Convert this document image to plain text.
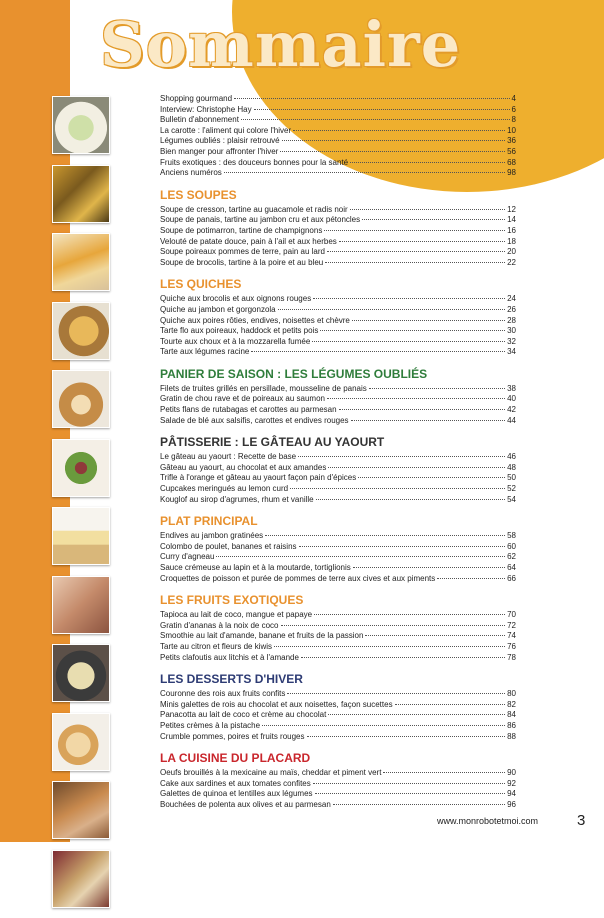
Sommaire
Shopping gourmand	4
Interview: Christophe Hay	6
Bulletin d'abonnement	8
La carotte : l'aliment qui colore l'hiver	10
Légumes oubliés : plaisir retrouvé	36
Bien manger pour affronter l'hiver	56
Fruits exotiques : des douceurs bonnes pour la santé	68
Anciens numéros	98
LES SOUPES
Soupe de cresson, tartine au guacamole et radis noir	12
Soupe de panais, tartine au jambon cru et aux pétoncles	14
Soupe de potimarron, tartine de champignons	16
Velouté de patate douce, pain à l'ail et aux herbes	18
Soupe poireaux pommes de terre, pain au lard	20
Soupe de brocolis, tartine à la poire et au bleu	22
LES QUICHES
Quiche aux brocolis et aux oignons rouges	24
Quiche au jambon et gorgonzola	26
Quiche aux poires rôties, endives, noisettes et chèvre	28
Tarte flo aux poireaux, haddock et petits pois	30
Tourte aux choux et à la mozzarella fumée	32
Tarte aux légumes racine	34
PANIER DE SAISON : LES LÉGUMES OUBLIÉS
Filets de truites grillés en persillade, mousseline de panais	38
Gratin de chou rave et de poireaux au saumon	40
Petits flans de rutabagas et carottes au parmesan	42
Salade de blé aux salsifis, carottes et endives rouges	44
PÂTISSERIE : LE GÂTEAU AU YAOURT
Le gâteau au yaourt : Recette de base	46
Gâteau au yaourt, au chocolat et aux amandes	48
Trifle à l'orange et gâteau au yaourt façon pain d'épices	50
Cupcakes meringués au lemon curd	52
Kouglof au sirop d'agrumes, rhum et vanille	54
PLAT PRINCIPAL
Endives au jambon gratinées	58
Colombo de poulet, bananes et raisins	60
Curry d'agneau	62
Sauce crémeuse au lapin et à la moutarde, tortiglionis	64
Croquettes de poisson et purée de pommes de terre aux cives et aux piments	66
LES FRUITS EXOTIQUES
Tapioca au lait de coco, mangue et papaye	70
Gratin d'ananas à la noix de coco	72
Smoothie au lait d'amande, banane et fruits de la passion	74
Tarte au citron et fleurs de kiwis	76
Petits clafoutis aux litchis et à l'amande	78
LES DESSERTS D'HIVER
Couronne des rois aux fruits confits	80
Minis galettes de rois au chocolat et aux noisettes, façon sucettes	82
Panacotta au lait de coco et crème au chocolat	84
Petites crèmes à la pistache	86
Crumble pommes, poires et fruits rouges	88
LA CUISINE DU PLACARD
Oeufs brouillés à la mexicaine au maïs, cheddar et piment vert	90
Cake aux sardines et aux tomates confites	92
Galettes de quinoa et lentilles aux légumes	94
Bouchées de polenta aux olives et au parmesan	96
www.monrobotetmoi.com	3
